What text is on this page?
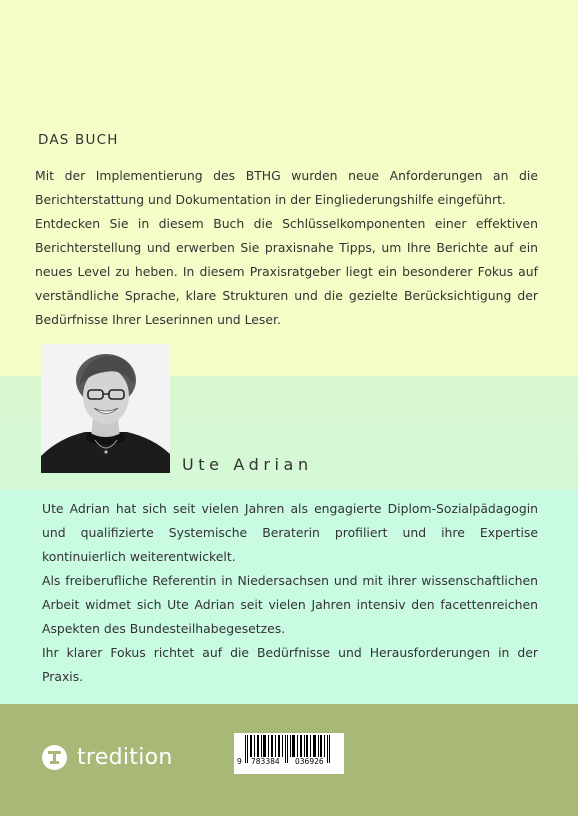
DAS BUCH

Mit der Implementierung des BTHG wurden neue Anforderungen an die Berichterstattung und Dokumentation in der Eingliederungshilfe eingeführt.

Entdecken Sie in diesem Buch die Schlüsselkomponenten einer effektiven Berichterstellung und erwerben Sie praxisnahe Tipps, um Ihre Berichte auf ein neues Level zu heben. In diesem Praxisratgeber liegt ein besonderer Fokus auf verständliche Sprache, klare Strukturen und die gezielte Berücksichtigung der Bedürfnisse Ihrer Leserinnen und Leser.

Ute Adrian

Ute Adrian hat sich seit vielen Jahren als engagierte Diplom-Sozialpädagogin und qualifizierte Systemische Beraterin profiliert und ihre Expertise kontinuierlich weiterentwickelt.

Als freiberufliche Referentin in Niedersachsen und mit ihrer wissenschaftlichen Arbeit widmet sich Ute Adrian seit vielen Jahren intensiv den facettenreichen Aspekten des Bundesteilhabegesetzes.

Ihr klarer Fokus richtet auf die Bedürfnisse und Herausforderungen in der Praxis.

tredition	9 783384 036926
